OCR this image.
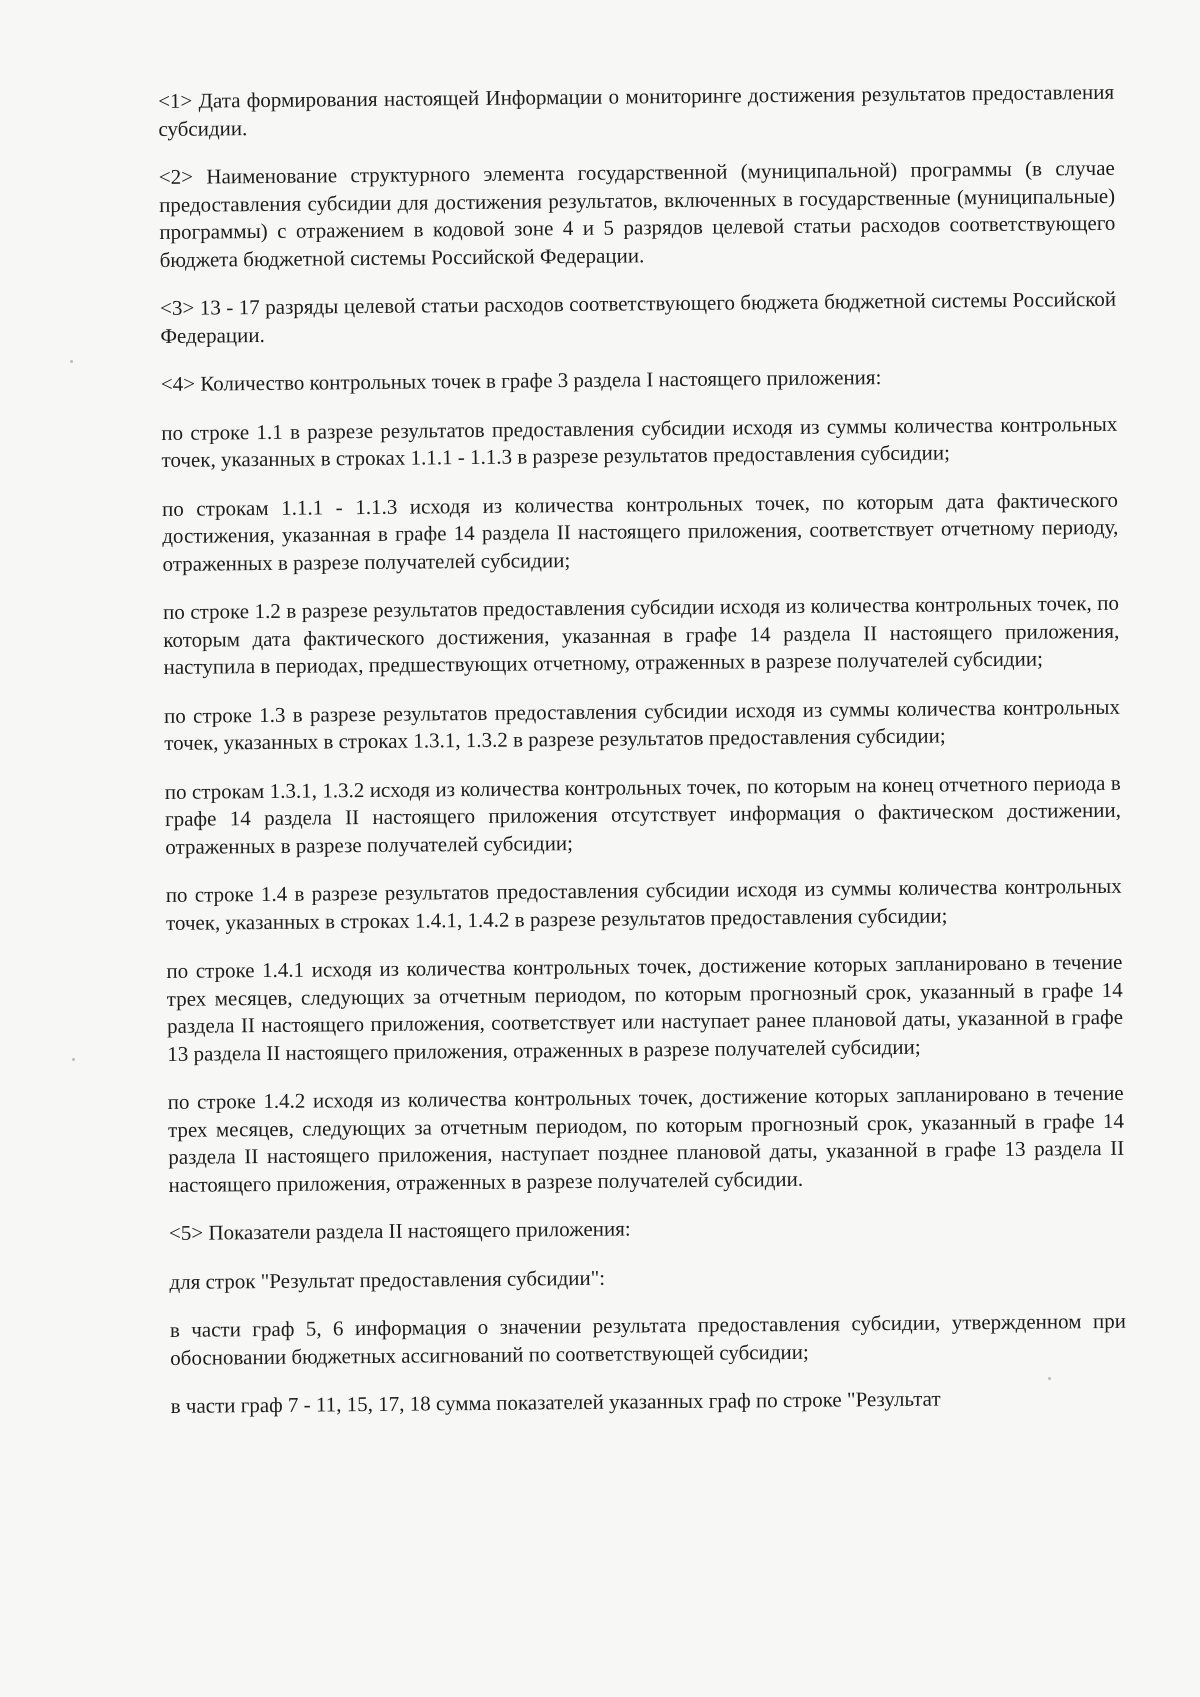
<1> Дата формирования настоящей Информации о мониторинге достижения результатов предоставления субсидии.

<2> Наименование структурного элемента государственной (муниципальной) программы (в случае предоставления субсидии для достижения результатов, включенных в государственные (муниципальные) программы) с отражением в кодовой зоне 4 и 5 разрядов целевой статьи расходов соответствующего бюджета бюджетной системы Российской Федерации.

<3> 13 - 17 разряды целевой статьи расходов соответствующего бюджета бюджетной системы Российской Федерации.

<4> Количество контрольных точек в графе 3 раздела I настоящего приложения:

по строке 1.1 в разрезе результатов предоставления субсидии исходя из суммы количества контрольных точек, указанных в строках 1.1.1 - 1.1.3 в разрезе результатов предоставления субсидии;

по строкам 1.1.1 - 1.1.3 исходя из количества контрольных точек, по которым дата фактического достижения, указанная в графе 14 раздела II настоящего приложения, соответствует отчетному периоду, отраженных в разрезе получателей субсидии;

по строке 1.2 в разрезе результатов предоставления субсидии исходя из количества контрольных точек, по которым дата фактического достижения, указанная в графе 14 раздела II настоящего приложения, наступила в периодах, предшествующих отчетному, отраженных в разрезе получателей субсидии;

по строке 1.3 в разрезе результатов предоставления субсидии исходя из суммы количества контрольных точек, указанных в строках 1.3.1, 1.3.2 в разрезе результатов предоставления субсидии;

по строкам 1.3.1, 1.3.2 исходя из количества контрольных точек, по которым на конец отчетного периода в графе 14 раздела II настоящего приложения отсутствует информация о фактическом достижении, отраженных в разрезе получателей субсидии;

по строке 1.4 в разрезе результатов предоставления субсидии исходя из суммы количества контрольных точек, указанных в строках 1.4.1, 1.4.2 в разрезе результатов предоставления субсидии;

по строке 1.4.1 исходя из количества контрольных точек, достижение которых запланировано в течение трех месяцев, следующих за отчетным периодом, по которым прогнозный срок, указанный в графе 14 раздела II настоящего приложения, соответствует или наступает ранее плановой даты, указанной в графе 13 раздела II настоящего приложения, отраженных в разрезе получателей субсидии;

по строке 1.4.2 исходя из количества контрольных точек, достижение которых запланировано в течение трех месяцев, следующих за отчетным периодом, по которым прогнозный срок, указанный в графе 14 раздела II настоящего приложения, наступает позднее плановой даты, указанной в графе 13 раздела II настоящего приложения, отраженных в разрезе получателей субсидии.

<5> Показатели раздела II настоящего приложения:

для строк "Результат предоставления субсидии":

в части граф 5, 6 информация о значении результата предоставления субсидии, утвержденном при обосновании бюджетных ассигнований по соответствующей субсидии;

в части граф 7 - 11, 15, 17, 18 сумма показателей указанных граф по строке "Результат
